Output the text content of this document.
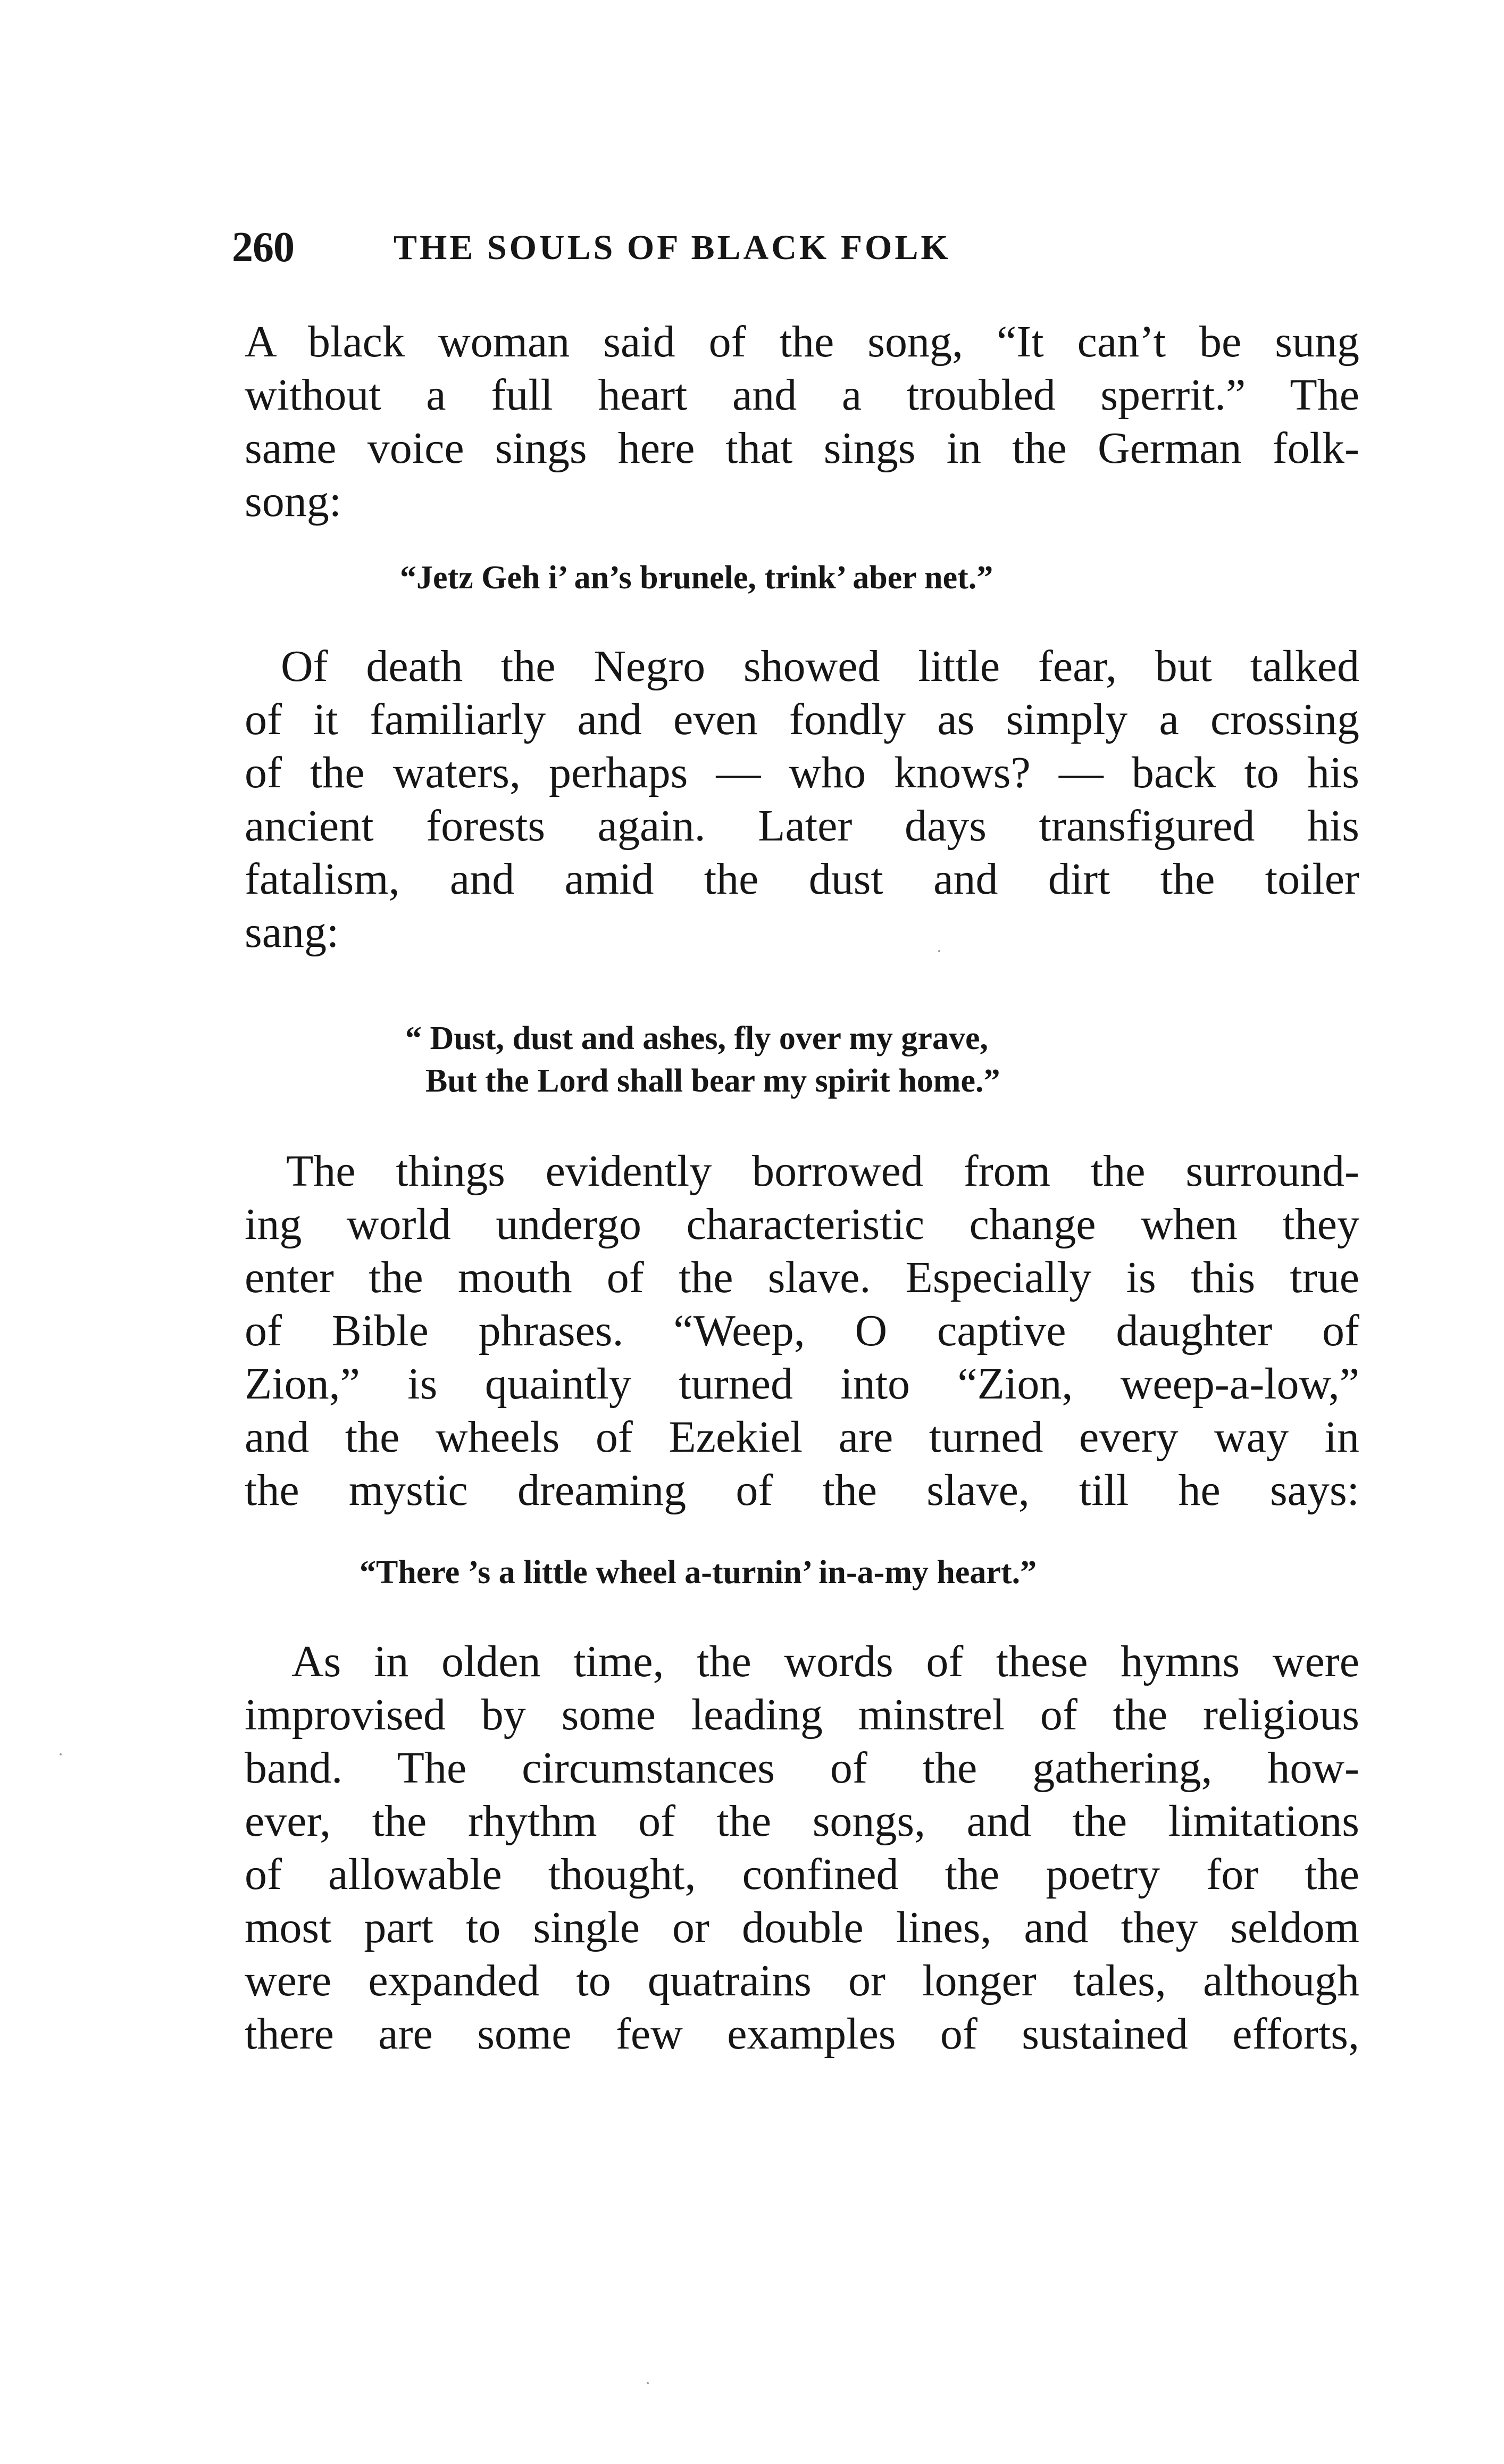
260	THE SOULS OF BLACK FOLK
A black woman said of the song, “It can’t be sung
without a full heart and a troubled sperrit.” The
same voice sings here that sings in the German folk-
song:
“Jetz Geh i’ an’s brunele, trink’ aber net.”
Of death the Negro showed little fear, but talked
of it familiarly and even fondly as simply a crossing
of the waters, perhaps — who knows? — back to his
ancient forests again. Later days transfigured his
fatalism, and amid the dust and dirt the toiler
sang:
“ Dust, dust and ashes, fly over my grave,
But the Lord shall bear my spirit home.”
The things evidently borrowed from the surround-
ing world undergo characteristic change when they
enter the mouth of the slave. Especially is this true
of Bible phrases. “Weep, O captive daughter of
Zion,” is quaintly turned into “Zion, weep-a-low,”
and the wheels of Ezekiel are turned every way in
the mystic dreaming of the slave, till he says:
“There ’s a little wheel a-turnin’ in-a-my heart.”
As in olden time, the words of these hymns were
improvised by some leading minstrel of the religious
band. The circumstances of the gathering, how-
ever, the rhythm of the songs, and the limitations
of allowable thought, confined the poetry for the
most part to single or double lines, and they seldom
were expanded to quatrains or longer tales, although
there are some few examples of sustained efforts,
